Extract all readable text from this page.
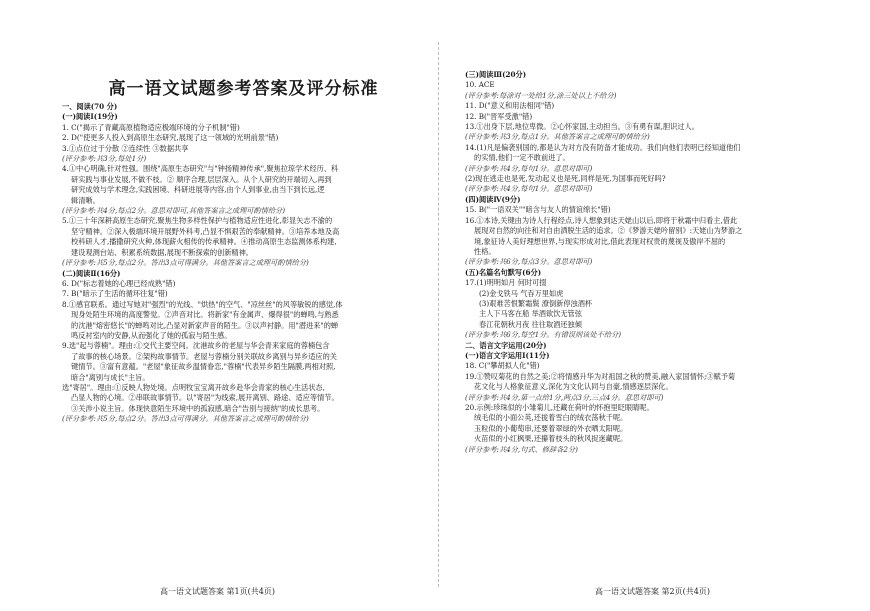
高一语文试题参考答案及评分标准
一、阅读(70 分)
(一)阅读Ⅰ(19分)
1. C("揭示了青藏高原植物适应极端环境的分子机制"错)
2. D("使更多人投入到高原生态研究,展现了这一领域的光明前景"错)
3.①点位过于分散 ②连续性 ③数据共享
(评分参考:共3分,每处1分)
4.①中心明确,针对性强。围绕"高原生态研究"与"钟扬精神传承",聚焦拉琼学术经历、科
研实践与事业发展,不做不枝。② 顺序合理,层层深入。从个人研究的开端切入,再到
研究成效与学术理念,实践困境、科研进展等内容,由个人到事业,由当下到长远,逻
辑清晰。
(评分参考:共4分,每点2分。意思对即可,其他答案言之成理可酌情给分)
5.①三十年深耕高原生态研究,聚焦生物多样性保护与植物适应性进化,彰显矢志不渝的
坚守精神。②深入极端环境开展野外科考,凸显不惧艰苦的奉献精神。③培养本地及高
校科研人才,播撒研究火种,体现薪火相传的传承精神。④推动高原生态监测体系构建,
建设观测台站、积累系统数据,展现不断探索的创新精神。
(评分参考:共5分,每点2分。答出3点可得满分。其他答案言之成理可酌情给分)
(二)阅读Ⅱ(16分)
6. D("标志着她的心理已经成熟"错)
7. B("暗示了生活的循环往复"错)
8.①感官联系。通过写她对"强烈"的光线、"烘热"的空气、"凉丝丝"的风等敏锐的感觉,体
现身处陌生环境的高度警觉。②声音对比。将新家"有金属声、爆得很"的蝉鸣,与熟悉
的沈港"熔密悠长"的蝉鸣对比,凸显对新家声音的陌生。③以声衬静。用"潜进来"的蝉
鸣反衬室内的安静,从而强化了她的孤寂与陌生感。
9.选"起与蓉楠"。理由:①交代主要空间。沈港故乡的老屋与华会青来家庭的蓉楠包含
了故事的核心场景。②架构故事情节。老屋与蓉楠分别关联故乡离别与异乡适应的关
键情节。③富有意蕴。"老屋"象征故乡温情眷恋,"蓉楠"代表异乡陌生隔膜,两相对照,
暗合"离别与成长"主旨。
选"寄居"。理由:①反映人物处境。点明牧宝宝离开故乡赴华会青家的核心生活状态,
凸显人物的心境。②串联故事情节。以"寄居"为线索,展开离别、路途、适应等情节。
③关涉小说主旨。体现快意陌生环境中的孤寂感,暗合"告别与接纳"的成长思考。
(评分参考:共5分,每点2分。答出3点可得满分。其他答案言之成理可酌情给分)
高一语文试题答案 第1页(共4页)
(三)阅读Ⅲ(20分)
10. ACE
(评分参考:每涂对一处给1分,涂三处以上不给分)
11. D("意义和用法相同"错)
12. B("晋军受激"错)
13.①出身下层,地位卑微。②心怀家国,主动担当。③有勇有谋,胆识过人。
(评分参考:共3分,每点1分。其他答案言之成理可酌情给分)
14.(1)凡是偏袭别国的,都是认为对方没有防备才能成功。我们向他们表明已经知道他们
的实情,他们一定不敢前进了。
(评分参考:共4分,每句1分。意思对即可)
(2)现在逃走也是死,发动起义也是死,同样是死,为国事而死好吗?
(评分参考:共4分,每句1分。意思对即可)
(四)阅读Ⅳ(9分)
15. B("一语双关""暗含与友人的情谊绵长"错)
16.①本诗,关键由为诗人行程经点,诗人想象到达天姥山以后,即将于秋霜中归看主,借此
展现对自然的向往和对自由洒脱生活的追求。②《梦游天姥吟留别》:天姥山为梦游之
境,象征诗人美好理想世界,与现实形成对比,借此表现对权贵的蔑视及傲岸不屈的
性格。
(评分参考:共6分,每点3分。意思对即可)
(五)名篇名句默写(6分)
17.(1)明明如月 何时可掇
(2)金戈铁马 气吞万里如虎
(3)艰难苦恨繁霜鬓 潦倒新停浊酒杯
主人下马客在船 举酒欲饮无管弦
春江花朝秋月夜 往往取酒还独倾
(评分参考:共6分,每空1分。有错误则该处不给分)
二、语言文字运用(20分)
(一)语言文字运用Ⅰ(11分)
18. C("攀胡拟人化"错)
19.①赞叹菊花的自然之美;②将情感升华为对祖国之秋的赞美,融入家国情怀;③赋予菊
花文化与人格象征意义,深化为文化认同与自豪,情感逐层深化。
(评分参考:共4分,第一点给1分,两点3分,三点4分。意思对即可)
20.示例:珍珠似的小雏菊儿,还藏在荷叶的怀抱里眨眼睛呢。
绒毛似的小面公英,还拢着雪白的绒衣荡秋千呢。
玉粒似的小葡萄串,还要着翠绿的外衣晒太阳呢。
火苗似的小红枫果,还攥着枝头的秋风捉迷藏呢。
(评分参考:共4分,句式、修辞各2分)
高一语文试题答案 第2页(共4页)
